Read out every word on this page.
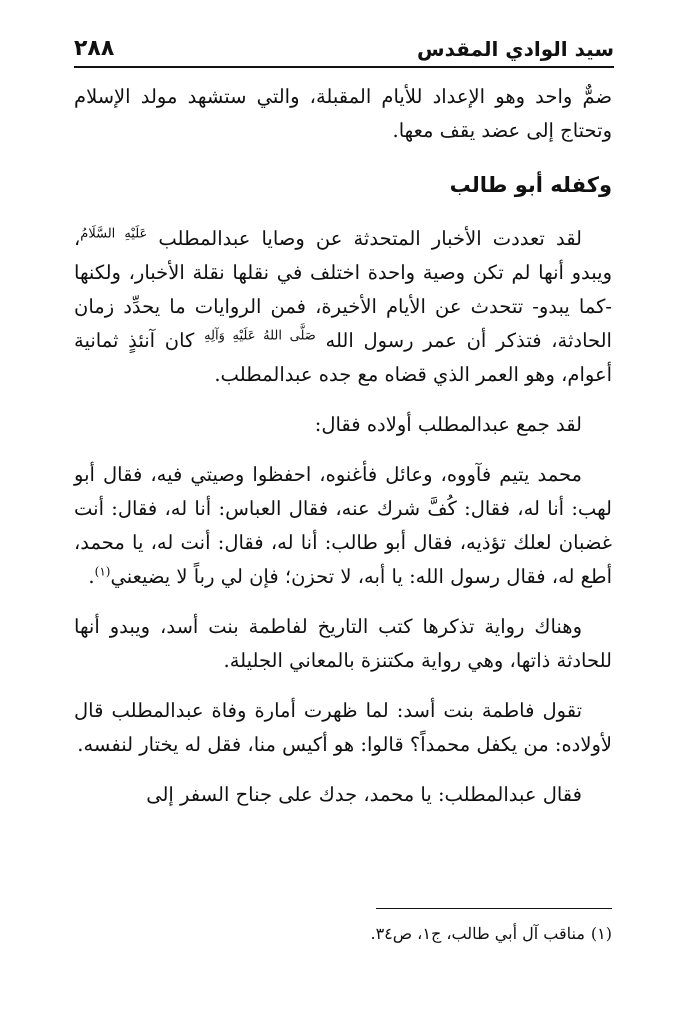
سيد الوادي المقدس
٢٨٨

ضمٌّ واحد وهو الإعداد للأيام المقبلة، والتي ستشهد مولد الإسلام وتحتاج إلى عضد يقف معها.

وكفله أبو طالب

لقد تعددت الأخبار المتحدثة عن وصايا عبدالمطلب $^{عَلَيْهِ السَّلَامُ}$، ويبدو أنها لم تكن وصية واحدة اختلف في نقلها نقلة الأخبار، ولكنها -كما يبدو- تتحدث عن الأيام الأخيرة، فمن الروايات ما يحدِّد زمان الحادثة، فتذكر أن عمر رسول الله $^{صَلَّى اللهُ عَلَيْهِ وَآلِهِ}$ كان آنئذٍ ثمانية أعوام، وهو العمر الذي قضاه مع جده عبدالمطلب.

لقد جمع عبدالمطلب أولاده فقال:

محمد يتيم فآووه، وعائل فأغنوه، احفظوا وصيتي فيه، فقال أبو لهب: أنا له، فقال: كُفَّ شرك عنه، فقال العباس: أنا له، فقال: أنت غضبان لعلك تؤذيه، فقال أبو طالب: أنا له، فقال: أنت له، يا محمد، أطع له، فقال رسول الله: يا أبه، لا تحزن؛ فإن لي رباً لا يضيعني$^{(١)}$.

وهناك رواية تذكرها كتب التاريخ لفاطمة بنت أسد، ويبدو أنها للحادثة ذاتها، وهي رواية مكتنزة بالمعاني الجليلة.

تقول فاطمة بنت أسد: لما ظهرت أمارة وفاة عبدالمطلب قال لأولاده: من يكفل محمداً؟ قالوا: هو أكيس منا، فقل له يختار لنفسه.

فقال عبدالمطلب: يا محمد، جدك على جناح السفر إلى

(١)مناقب آل أبي طالب، ج١، ص٣٤.
